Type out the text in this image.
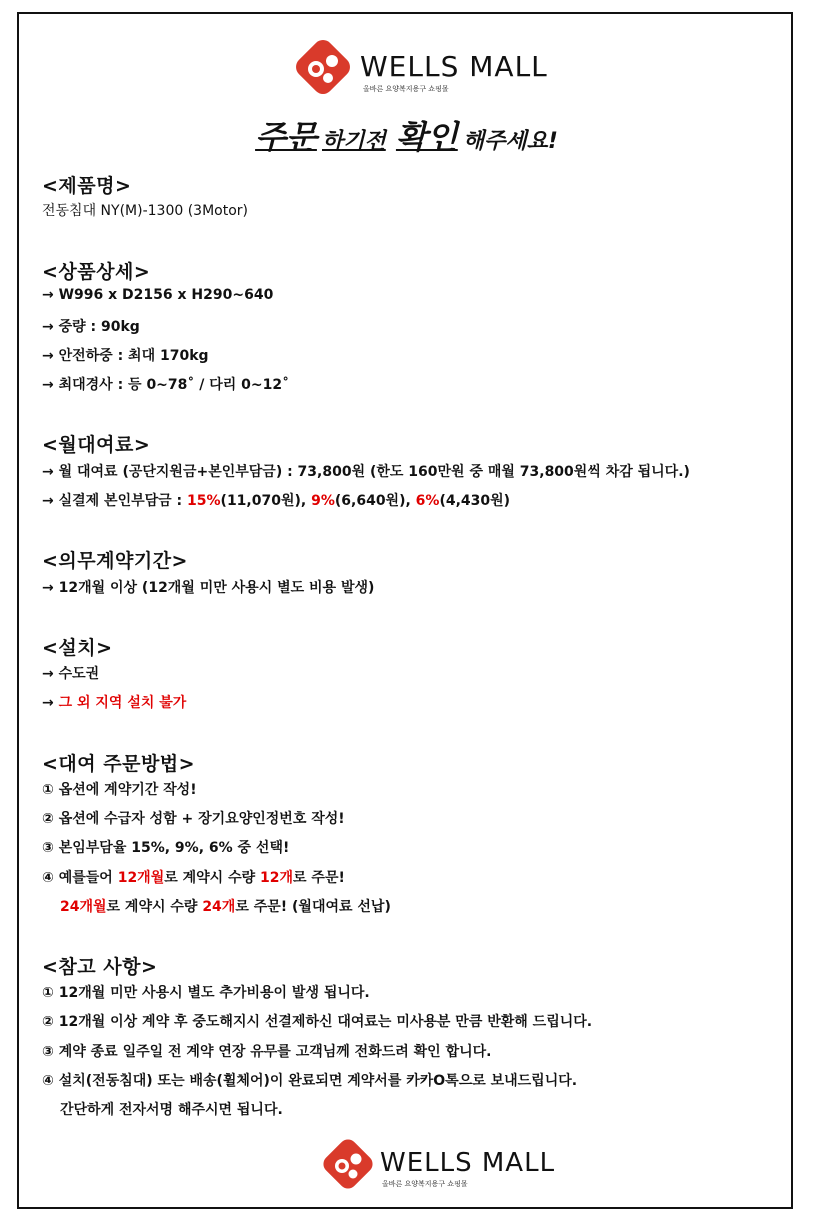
WELLS MALL
올바른 요양복지용구 쇼핑몰
주문 하기전 확인 해주세요!
<제품명>
전동침대 NY(M)-1300 (3Motor)
<상품상세>
→ W996 x D2156 x H290~640
→ 중량 : 90kg
→ 안전하중 : 최대 170kg
→ 최대경사 : 등 0~78˚ / 다리 0~12˚
<월대여료>
→ 월 대여료 (공단지원금+본인부담금) : 73,800원 (한도 160만원 중 매월 73,800원씩 차감 됩니다.)
→ 실결제 본인부담금 : 15%(11,070원), 9%(6,640원), 6%(4,430원)
<의무계약기간>
→ 12개월 이상 (12개월 미만 사용시 별도 비용 발생)
<설치>
→ 수도권
→ 그 외 지역 설치 불가
<대여 주문방법>
① 옵션에 계약기간 작성!
② 옵션에 수급자 성함 + 장기요양인정번호 작성!
③ 본임부담율 15%, 9%, 6% 중 선택!
④ 예를들어 12개월로 계약시 수량 12개로 주문!
24개월로 계약시 수량 24개로 주문! (월대여료 선납)
<참고 사항>
① 12개월 미만 사용시 별도 추가비용이 발생 됩니다.
② 12개월 이상 계약 후 중도해지시 선결제하신 대여료는 미사용분 만큼 반환해 드립니다.
③ 계약 종료 일주일 전 계약 연장 유무를 고객님께 전화드려 확인 합니다.
④ 설치(전동침대) 또는 배송(휠체어)이 완료되면 계약서를 카카O톡으로 보내드립니다.
간단하게 전자서명 해주시면 됩니다.
WELLS MALL
올바른 요양복지용구 쇼핑몰
